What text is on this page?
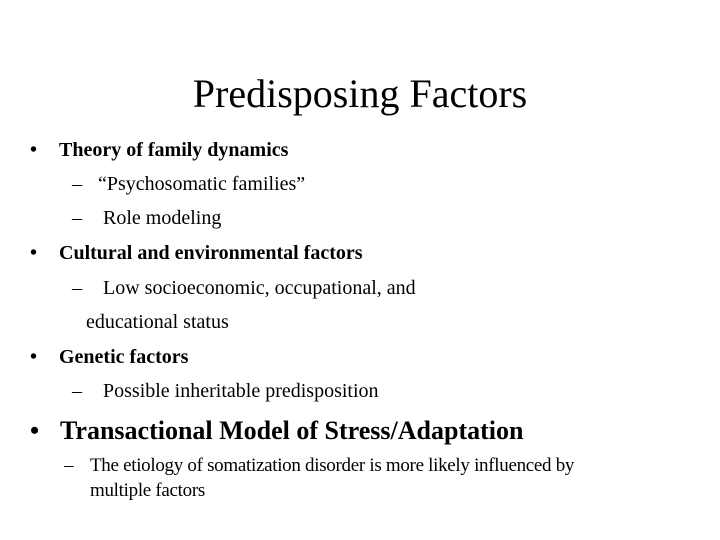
Predisposing Factors
• Theory of family dynamics
– “Psychosomatic families”
– Role modeling
• Cultural and environmental factors
– Low socioeconomic, occupational, and
educational status
• Genetic factors
– Possible inheritable predisposition
• Transactional Model of Stress/Adaptation
– The etiology of somatization disorder is more likely influenced by
multiple factors
